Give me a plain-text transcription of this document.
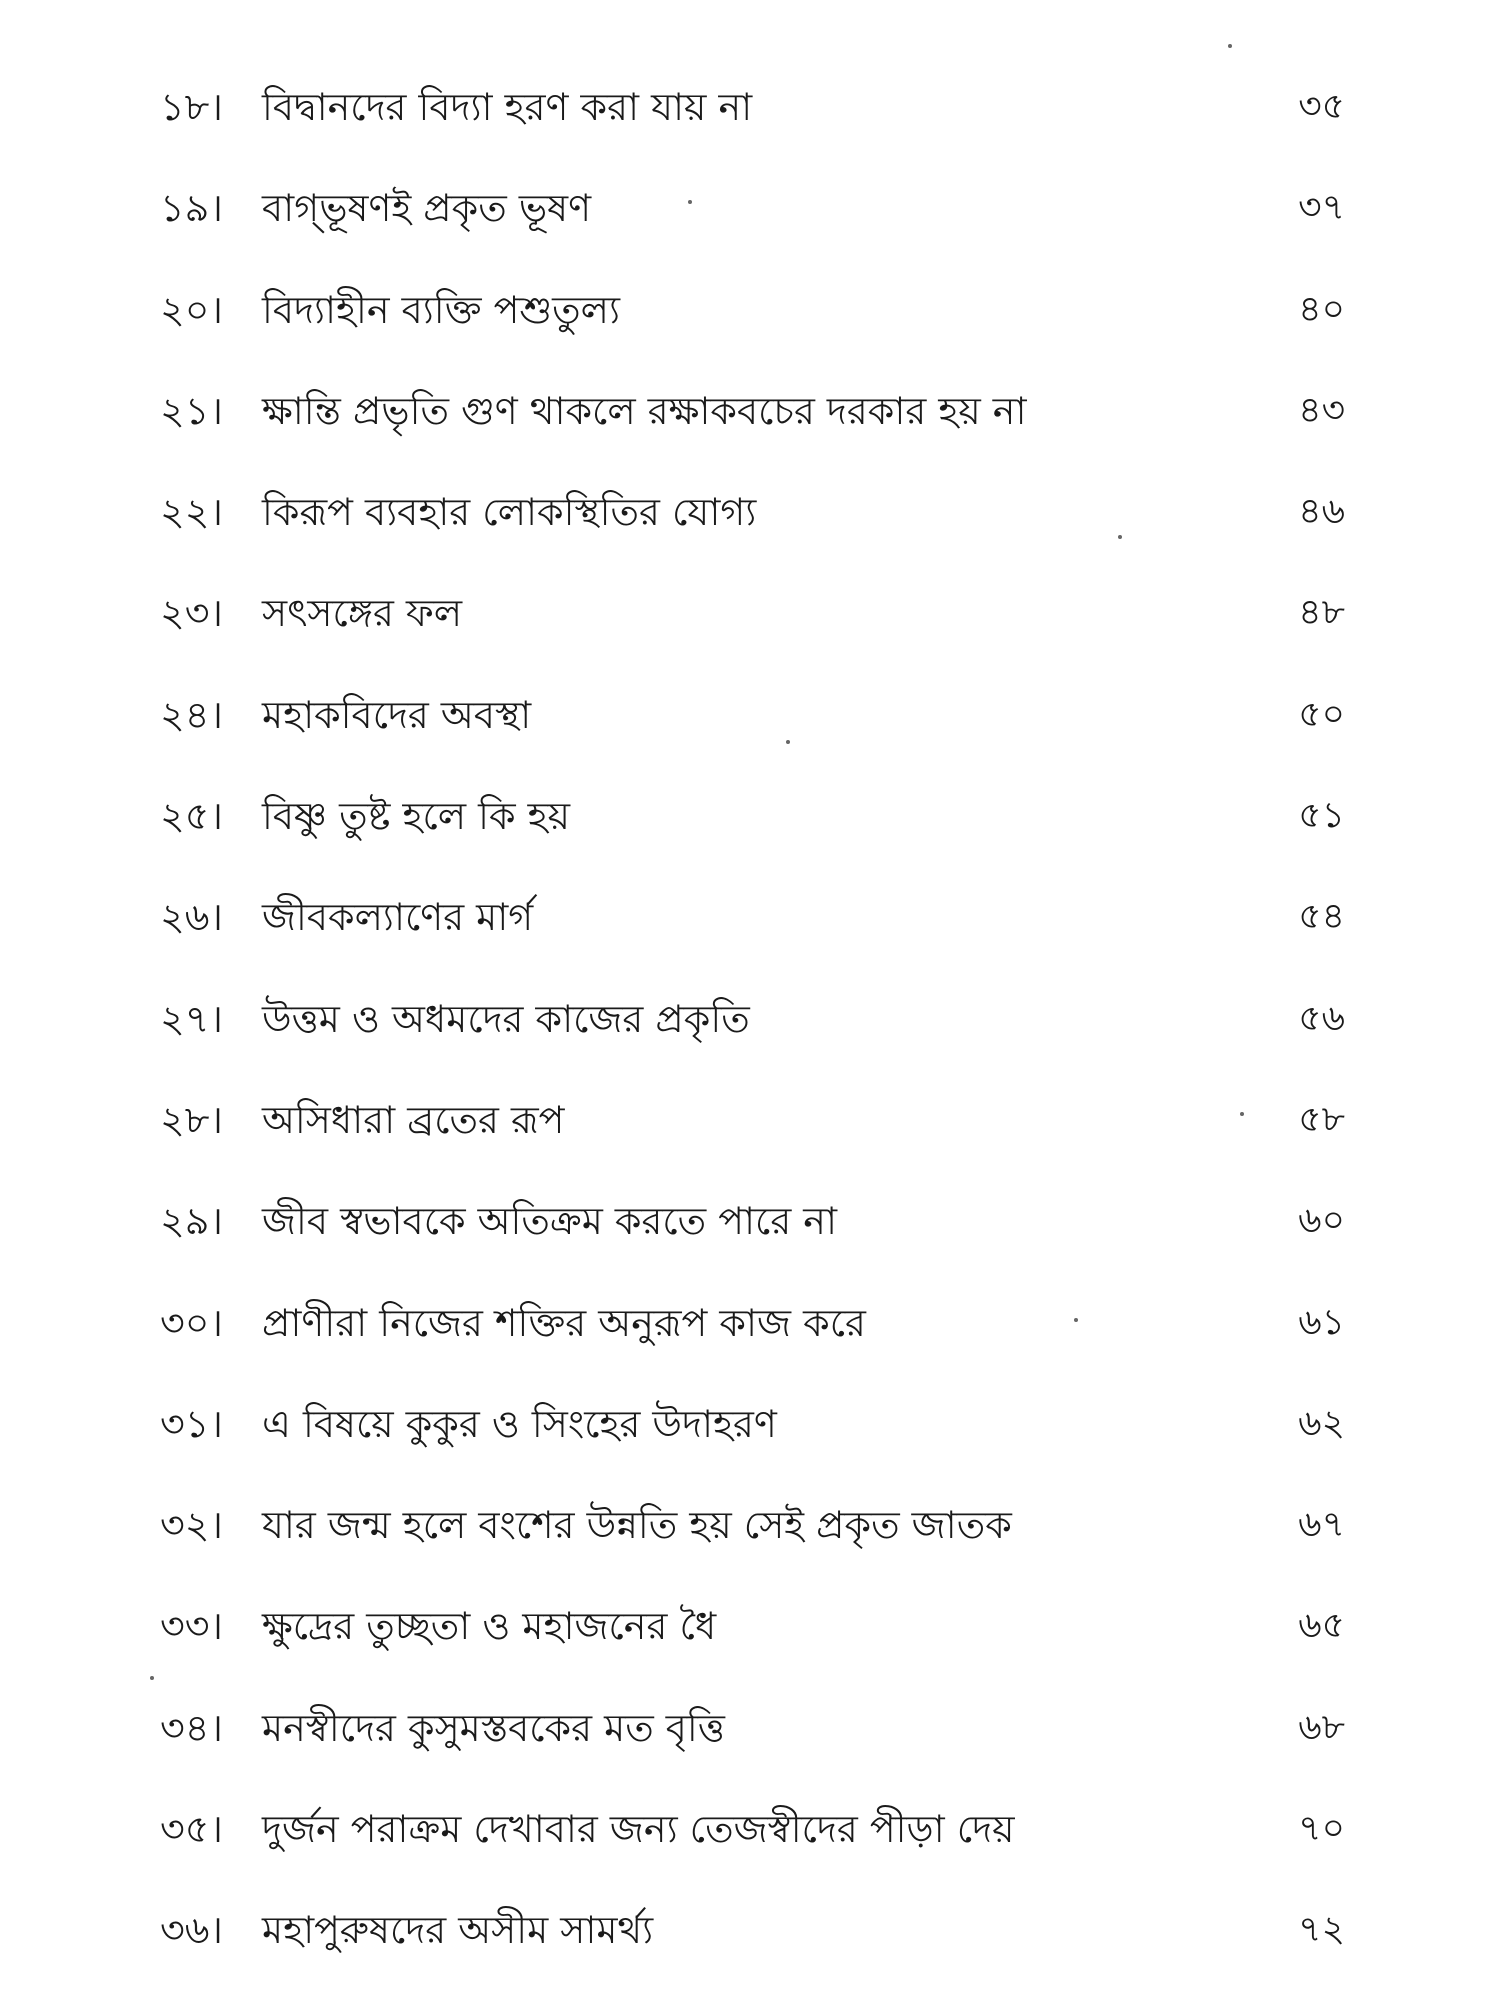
১৮।	বিদ্বানদের বিদ্যা হরণ করা যায় না	৩৫
১৯।	বাগ্‌ভূষণই প্রকৃত ভূষণ	৩৭
২০।	বিদ্যাহীন ব্যক্তি পশুতুল্য	৪০
২১।	ক্ষান্তি প্রভৃতি গুণ থাকলে রক্ষাকবচের দরকার হয় না	৪৩
২২।	কিরূপ ব্যবহার লোকস্থিতির যোগ্য	৪৬
২৩।	সৎসঙ্গের ফল	৪৮
২৪।	মহাকবিদের অবস্থা	৫০
২৫।	বিষ্ণু তুষ্ট হলে কি হয়	৫১
২৬।	জীবকল্যাণের মার্গ	৫৪
২৭।	উত্তম ও অধমদের কাজের প্রকৃতি	৫৬
২৮।	অসিধারা ব্রতের রূপ	৫৮
২৯।	জীব স্বভাবকে অতিক্রম করতে পারে না	৬০
৩০।	প্রাণীরা নিজের শক্তির অনুরূপ কাজ করে	৬১
৩১।	এ বিষয়ে কুকুর ও সিংহের উদাহরণ	৬২
৩২।	যার জন্ম হলে বংশের উন্নতি হয় সেই প্রকৃত জাতক	৬৭
৩৩।	ক্ষুদ্রের তুচ্ছতা ও মহাজনের ধৈ	৬৫
৩৪।	মনস্বীদের কুসুমস্তবকের মত বৃত্তি	৬৮
৩৫।	দুর্জন পরাক্রম দেখাবার জন্য তেজস্বীদের পীড়া দেয়	৭০
৩৬।	মহাপুরুষদের অসীম সামর্থ্য	৭২
